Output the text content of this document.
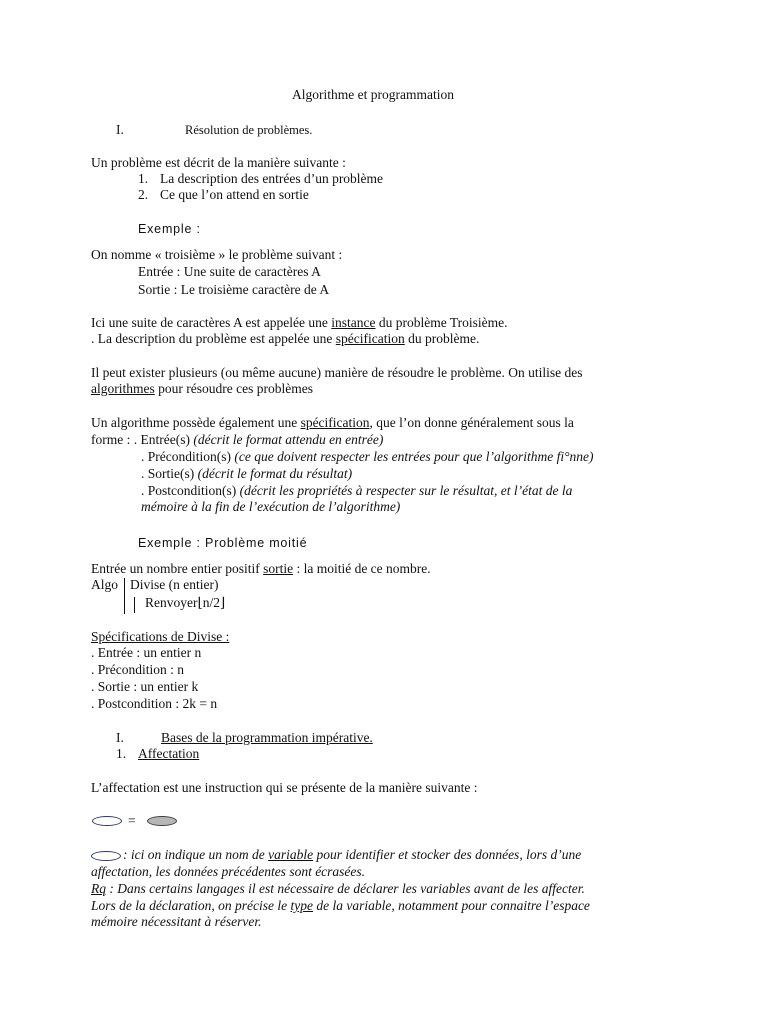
Algorithme et programmation
I.	Résolution de problèmes.
Un problème est décrit de la manière suivante :
1. La description des entrées d’un problème
2. Ce que l’on attend en sortie
Exemple :
On nomme « troisième » le problème suivant :
Entrée : Une suite de caractères A
Sortie : Le troisième caractère de A
Ici une suite de caractères A est appelée une instance du problème Troisième.
. La description du problème est appelée une spécification du problème.
Il peut exister plusieurs (ou même aucune) manière de résoudre le problème. On utilise des
algorithmes pour résoudre ces problèmes
Un algorithme possède également une spécification, que l’on donne généralement sous la
forme : . Entrée(s) (décrit le format attendu en entrée)
. Précondition(s) (ce que doivent respecter les entrées pour que l’algorithme fi°nne)
. Sortie(s) (décrit le format du résultat)
. Postcondition(s) (décrit les propriétés à respecter sur le résultat, et l’état de la
mémoire à la fin de l’exécution de l’algorithme)
Exemple : Problème moitié
Entrée un nombre entier positif sortie : la moitié de ce nombre.
Algo Divise (n entier)
Renvoyer⌊n/2⌋
Spécifications de Divise :
. Entrée : un entier n
. Précondition : n
. Sortie : un entier k
. Postcondition : 2k = n
I.	Bases de la programmation impérative.
1. Affectation
L’affectation est une instruction qui se présente de la manière suivante :
=
: ici on indique un nom de variable pour identifier et stocker des données, lors d’une
affectation, les données précédentes sont écrasées.
Rq : Dans certains langages il est nécessaire de déclarer les variables avant de les affecter.
Lors de la déclaration, on précise le type de la variable, notamment pour connaitre l’espace
mémoire nécessitant à réserver.
